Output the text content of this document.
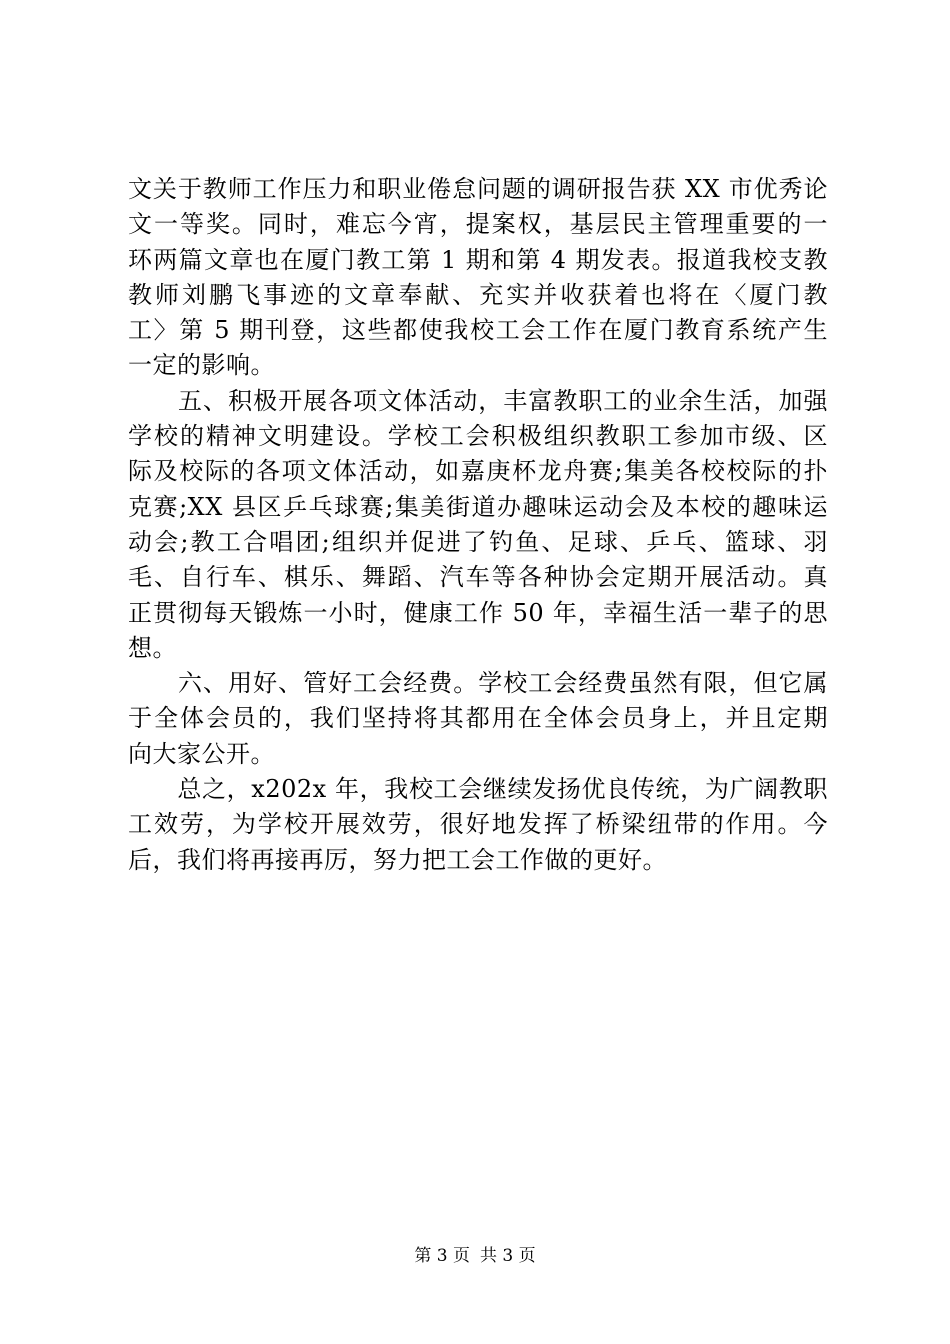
文关于教师工作压力和职业倦怠问题的调研报告获 XX 市优秀论
文一等奖。同时，难忘今宵，提案权，基层民主管理重要的一
环两篇文章也在厦门教工第 1 期和第 4 期发表。报道我校支教
教师刘鹏飞事迹的文章奉献、充实并收获着也将在〈厦门教
工〉第 5 期刊登，这些都使我校工会工作在厦门教育系统产生
一定的影响。
　　五、积极开展各项文体活动，丰富教职工的业余生活，加强
学校的精神文明建设。学校工会积极组织教职工参加市级、区
际及校际的各项文体活动，如嘉庚杯龙舟赛;集美各校校际的扑
克赛;XX 县区乒乓球赛;集美街道办趣味运动会及本校的趣味运
动会;教工合唱团;组织并促进了钓鱼、足球、乒乓、篮球、羽
毛、自行车、棋乐、舞蹈、汽车等各种协会定期开展活动。真
正贯彻每天锻炼一小时，健康工作 50 年，幸福生活一辈子的思
想。
　　六、用好、管好工会经费。学校工会经费虽然有限，但它属
于全体会员的，我们坚持将其都用在全体会员身上，并且定期
向大家公开。
　　总之，x202x 年，我校工会继续发扬优良传统，为广阔教职
工效劳，为学校开展效劳，很好地发挥了桥梁纽带的作用。今
后，我们将再接再厉，努力把工会工作做的更好。
第 3 页 共 3 页
